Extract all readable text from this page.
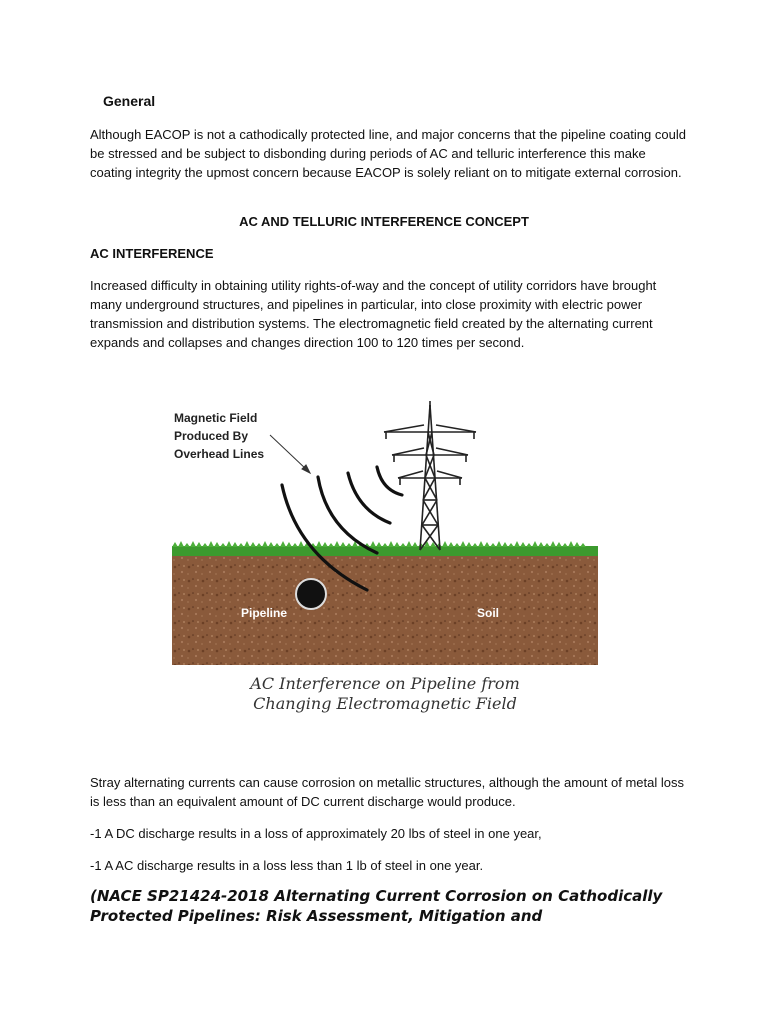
General

Although EACOP is not a cathodically protected line, and major concerns that the pipeline coating could be stressed and be subject to disbonding during periods of AC and telluric interference this make coating integrity the upmost concern because EACOP is solely reliant on to mitigate external corrosion.

AC AND TELLURIC INTERFERENCE CONCEPT
AC INTERFERENCE

Increased difficulty in obtaining utility rights-of-way and the concept of utility corridors have brought many underground structures, and pipelines in particular, into close proximity with electric power transmission and distribution systems. The electromagnetic field created by the alternating current expands and collapses and changes direction 100 to 120 times per second.

Magnetic Field
Produced By
Overhead Lines
Pipeline	Soil
AC Interference on Pipeline from
Changing Electromagnetic Field

Stray alternating currents can cause corrosion on metallic structures, although the amount of metal loss is less than an equivalent amount of DC current discharge would produce.

-1 A DC discharge results in a loss of approximately 20 lbs of steel in one year,
-1 A AC discharge results in a loss less than 1 lb of steel in one year.
(NACE SP21424-2018 Alternating Current Corrosion on Cathodically Protected Pipelines: Risk Assessment, Mitigation and
